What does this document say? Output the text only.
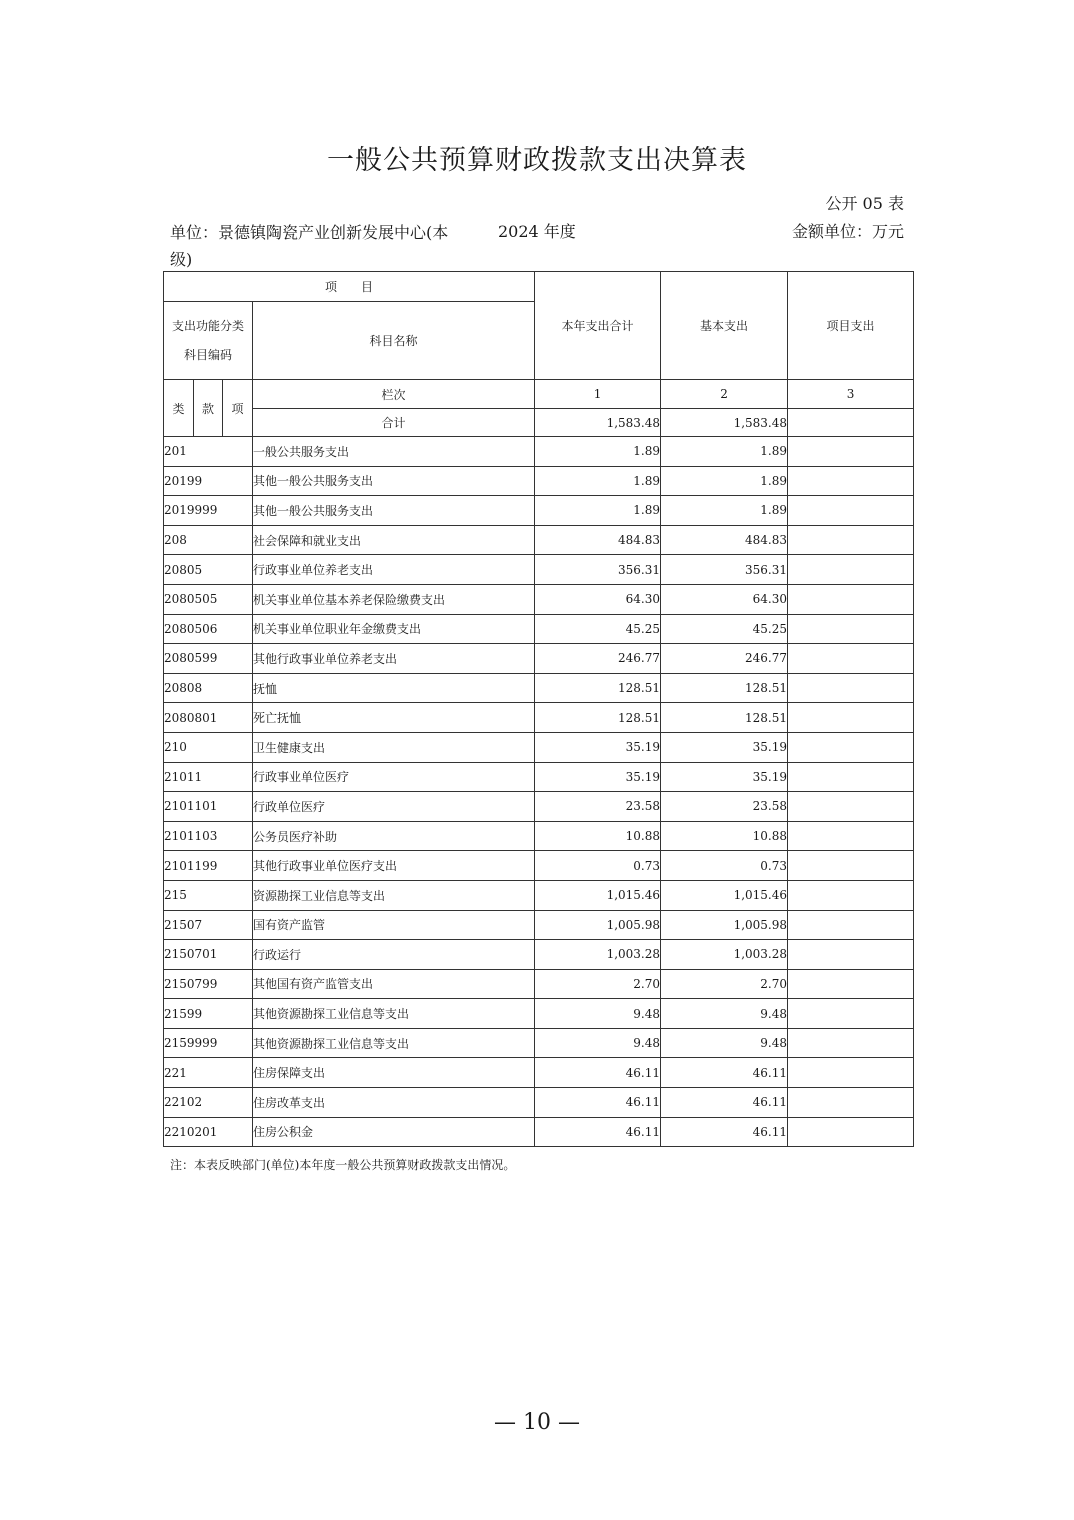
一般公共预算财政拨款支出决算表
公开 05 表
单位：景德镇陶瓷产业创新发展中心(本级)
2024 年度	金额单位：万元
项　　目				本年支出合计	基本支出	项目支出

支出功能分类
科目编码			科目名称			
类	款	项	栏次	1	2	3
			合计	1,583.48	1,583.48	
201			一般公共服务支出	1.89	1.89	
20199			其他一般公共服务支出	1.89	1.89	
2019999			其他一般公共服务支出	1.89	1.89	
208			社会保障和就业支出	484.83	484.83	
20805			行政事业单位养老支出	356.31	356.31	
2080505			机关事业单位基本养老保险缴费支出	64.30	64.30	
2080506			机关事业单位职业年金缴费支出	45.25	45.25	
2080599			其他行政事业单位养老支出	246.77	246.77	
20808			抚恤	128.51	128.51	
2080801			死亡抚恤	128.51	128.51	
210			卫生健康支出	35.19	35.19	
21011			行政事业单位医疗	35.19	35.19	
2101101			行政单位医疗	23.58	23.58	
2101103			公务员医疗补助	10.88	10.88	
2101199			其他行政事业单位医疗支出	0.73	0.73	
215			资源勘探工业信息等支出	1,015.46	1,015.46	
21507			国有资产监管	1,005.98	1,005.98	
2150701			行政运行	1,003.28	1,003.28	
2150799			其他国有资产监管支出	2.70	2.70	
21599			其他资源勘探工业信息等支出	9.48	9.48	
2159999			其他资源勘探工业信息等支出	9.48	9.48	
221			住房保障支出	46.11	46.11	
22102			住房改革支出	46.11	46.11	
2210201			住房公积金	46.11	46.11	
注：本表反映部门(单位)本年度一般公共预算财政拨款支出情况。
— 10 —
